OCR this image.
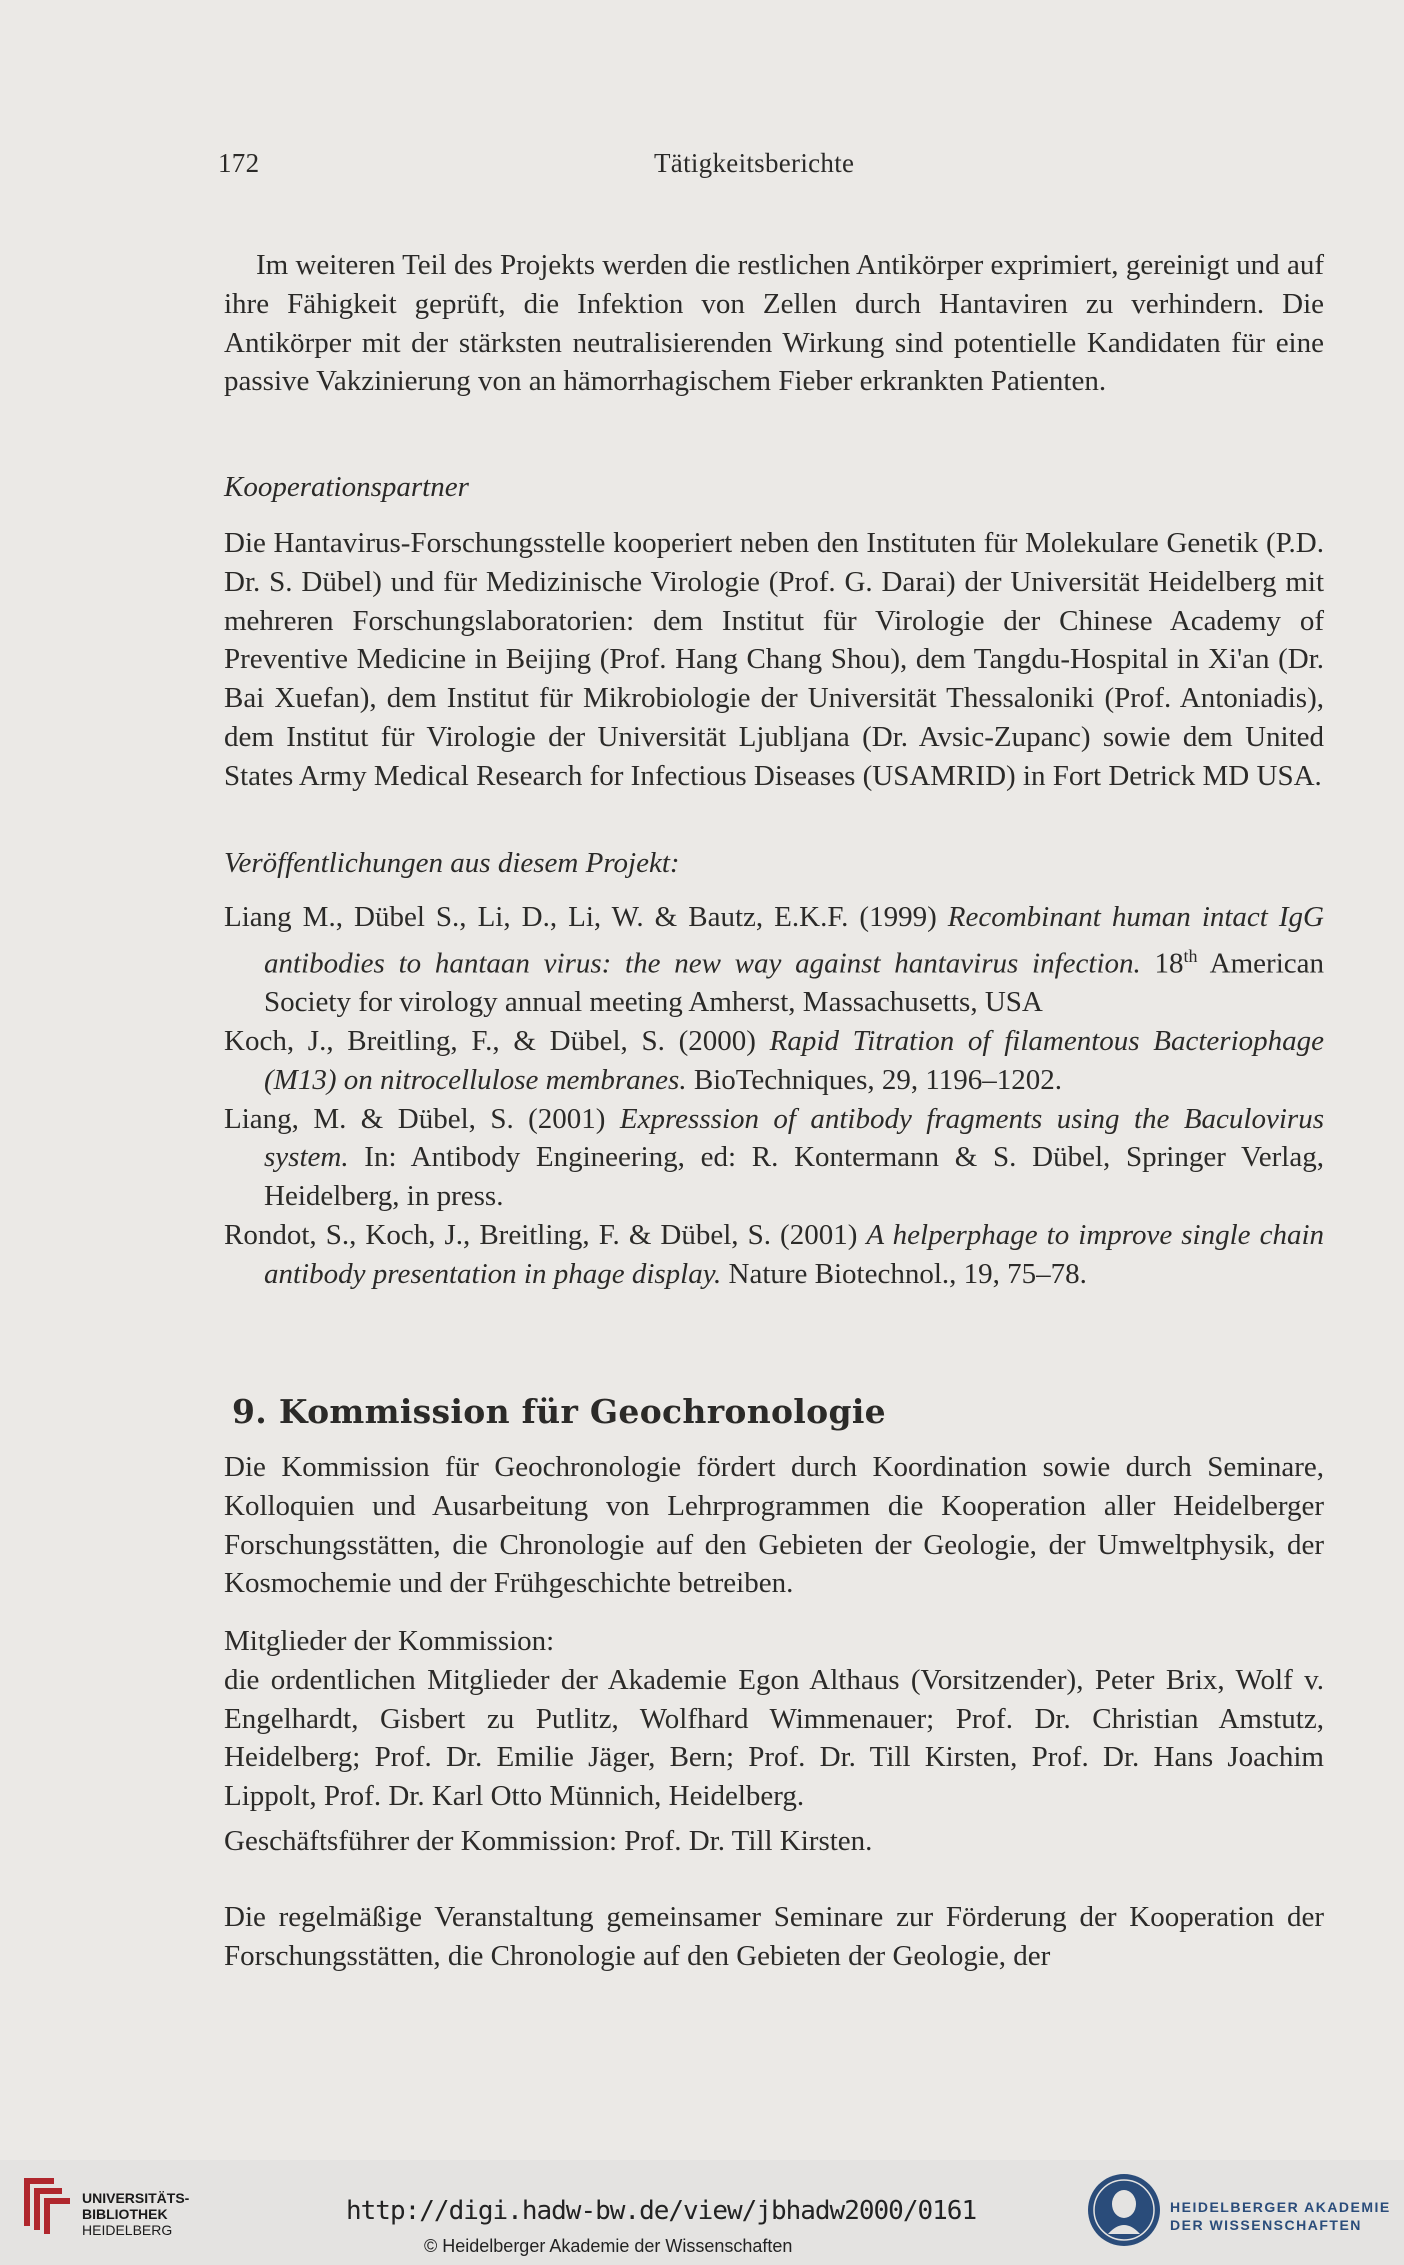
172	Tätigkeitsberichte

Im weiteren Teil des Projekts werden die restlichen Antikörper exprimiert, gereinigt und auf ihre Fähigkeit geprüft, die Infektion von Zellen durch Hantaviren zu verhindern. Die Antikörper mit der stärksten neutralisierenden Wirkung sind potentielle Kandidaten für eine passive Vakzinierung von an hämorrhagischem Fieber erkrankten Patienten.

Kooperationspartner

Die Hantavirus-Forschungsstelle kooperiert neben den Instituten für Molekulare Genetik (P.D. Dr. S. Dübel) und für Medizinische Virologie (Prof. G. Darai) der Universität Heidelberg mit mehreren Forschungslaboratorien: dem Institut für Virologie der Chinese Academy of Preventive Medicine in Beijing (Prof. Hang Chang Shou), dem Tangdu-Hospital in Xi'an (Dr. Bai Xuefan), dem Institut für Mikrobiologie der Universität Thessaloniki (Prof. Antoniadis), dem Institut für Virologie der Universität Ljubljana (Dr. Avsic-Zupanc) sowie dem United States Army Medical Research for Infectious Diseases (USAMRID) in Fort Detrick MD USA.

Veröffentlichungen aus diesem Projekt:

Liang M., Dübel S., Li, D., Li, W. & Bautz, E.K.F. (1999) Recombinant human intact IgG antibodies to hantaan virus: the new way against hantavirus infection. 18th American Society for virology annual meeting Amherst, Massachusetts, USA

Koch, J., Breitling, F., & Dübel, S. (2000) Rapid Titration of filamentous Bacteriophage (M13) on nitrocellulose membranes. BioTechniques, 29, 1196–1202.

Liang, M. & Dübel, S. (2001) Expresssion of antibody fragments using the Baculovirus system. In: Antibody Engineering, ed: R. Kontermann & S. Dübel, Springer Verlag, Heidelberg, in press.

Rondot, S., Koch, J., Breitling, F. & Dübel, S. (2001) A helperphage to improve single chain antibody presentation in phage display. Nature Biotechnol., 19, 75–78.

9. Kommission für Geochronologie

Die Kommission für Geochronologie fördert durch Koordination sowie durch Seminare, Kolloquien und Ausarbeitung von Lehrprogrammen die Kooperation aller Heidelberger Forschungsstätten, die Chronologie auf den Gebieten der Geologie, der Umweltphysik, der Kosmochemie und der Frühgeschichte betreiben.

Mitglieder der Kommission:

die ordentlichen Mitglieder der Akademie Egon Althaus (Vorsitzender), Peter Brix, Wolf v. Engelhardt, Gisbert zu Putlitz, Wolfhard Wimmenauer; Prof. Dr. Christian Amstutz, Heidelberg; Prof. Dr. Emilie Jäger, Bern; Prof. Dr. Till Kirsten, Prof. Dr. Hans Joachim Lippolt, Prof. Dr. Karl Otto Münnich, Heidelberg.

Geschäftsführer der Kommission: Prof. Dr. Till Kirsten.

Die regelmäßige Veranstaltung gemeinsamer Seminare zur Förderung der Kooperation der Forschungsstätten, die Chronologie auf den Gebieten der Geologie, der

UNIVERSITÄTS-
BIBLIOTHEK
HEIDELBERG
http://digi.hadw-bw.de/view/jbhadw2000/0161
© Heidelberger Akademie der Wissenschaften
HEIDELBERGER AKADEMIE
DER WISSENSCHAFTEN
